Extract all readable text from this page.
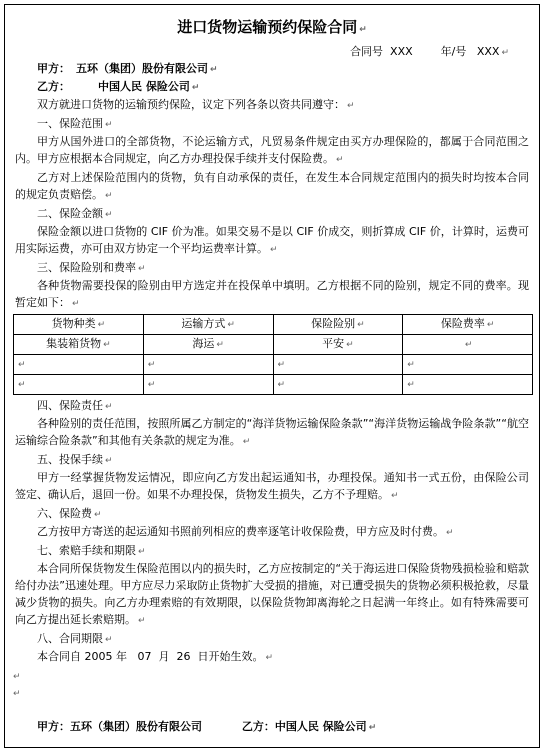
进口货物运输预约保险合同 ↵
合同号  XXX        年/号   XXX ↵
甲方： 五环（集团）股份有限公司 ↵
乙方：	中国人民 保险公司 ↵

双方就进口货物的运输预约保险，议定下列各条以资共同遵守： ↵

一、保险范围 ↵

甲方从国外进口的全部货物，不论运输方式，凡贸易条件规定由买方办理保险的，都属于合同范围之内。甲方应根据本合同规定，向乙方办理投保手续并支付保险费。 ↵

乙方对上述保险范围内的货物，负有自动承保的责任，在发生本合同规定范围内的损失时均按本合同的规定负责赔偿。 ↵

二、保险金额 ↵

保险金额以进口货物的 CIF 价为准。如果交易不是以 CIF 价成交，则折算成 CIF 价，计算时，运费可用实际运费，亦可由双方协定一个平均运费率计算。 ↵

三、保险险别和费率 ↵

各种货物需要投保的险别由甲方选定并在投保单中填明。乙方根据不同的险别，规定不同的费率。现暂定如下： ↵

货物种类 ↵	运输方式 ↵	保险险别 ↵	保险费率 ↵
集装箱货物 ↵	海运 ↵	平安 ↵	↵
↵	↵	↵	↵
↵	↵	↵	↵
四、保险责任 ↵

各种险别的责任范围，按照所属乙方制定的“海洋货物运输保险条款”“海洋货物运输战争险条款”“航空运输综合险条款”和其他有关条款的规定为准。 ↵

五、投保手续 ↵

甲方一经掌握货物发运情况，即应向乙方发出起运通知书，办理投保。通知书一式五份，由保险公司签定、确认后，退回一份。如果不办理投保，货物发生损失，乙方不予理赔。 ↵

六、保险费 ↵

乙方按甲方寄送的起运通知书照前列相应的费率逐笔计收保险费，甲方应及时付费。 ↵

七、索赔手续和期限 ↵

本合同所保货物发生保险范围以内的损失时，乙方应按制定的“关于海运进口保险货物残损检验和赔款给付办法”迅速处理。甲方应尽力采取防止货物扩大受损的措施，对已遭受损失的货物必须积极抢救，尽量减少货物的损失。向乙方办理索赔的有效期限，以保险货物卸离海轮之日起满一年终止。如有特殊需要可向乙方提出延长索赔期。 ↵

八、合同期限 ↵

本合同自 2005 年   07  月  26  日开始生效。 ↵

↵
↵
甲方：五环（集团）股份有限公司	乙方：中国人民 保险公司 ↵
